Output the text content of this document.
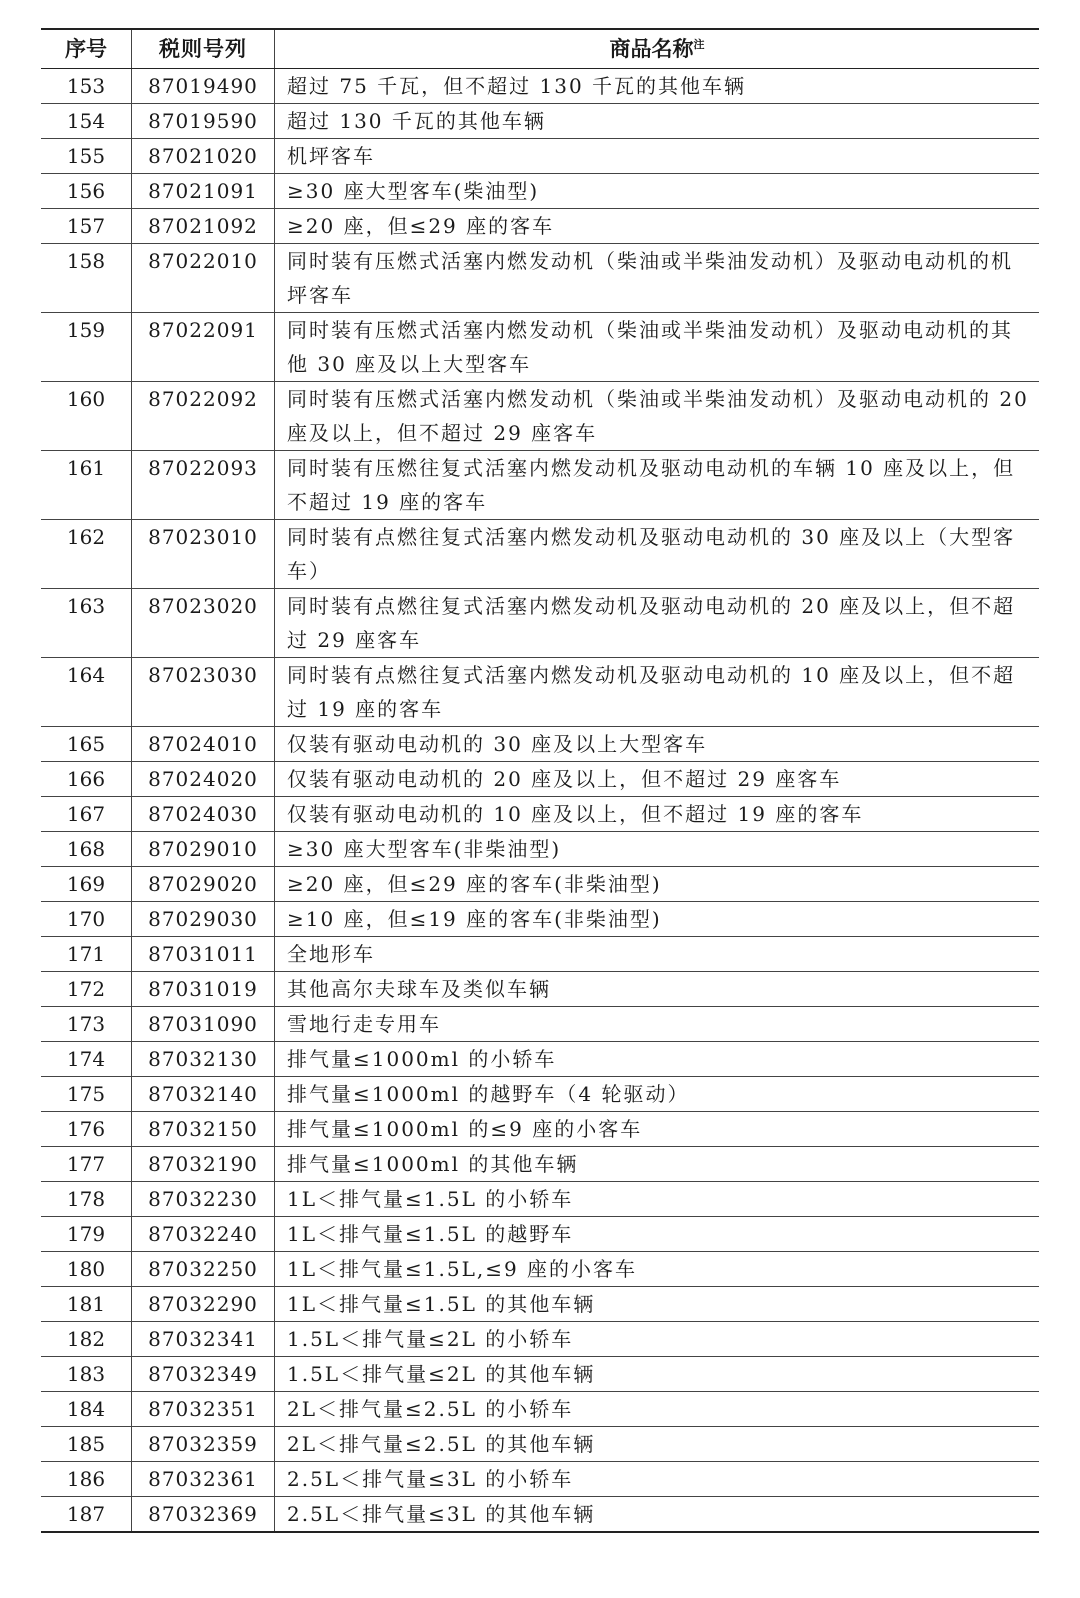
序号	税则号列	商品名称$^注$
153	87019490	超过 75 千瓦，但不超过 130 千瓦的其他车辆
154	87019590	超过 130 千瓦的其他车辆
155	87021020	机坪客车
156	87021091	≥30 座大型客车(柴油型)
157	87021092	≥20 座，但≤29 座的客车
158	87022010	同时装有压燃式活塞内燃发动机（柴油或半柴油发动机）及驱动电动机的机坪客车
159	87022091	同时装有压燃式活塞内燃发动机（柴油或半柴油发动机）及驱动电动机的其他 30 座及以上大型客车
160	87022092	同时装有压燃式活塞内燃发动机（柴油或半柴油发动机）及驱动电动机的 20 座及以上，但不超过 29 座客车
161	87022093	同时装有压燃往复式活塞内燃发动机及驱动电动机的车辆 10 座及以上，但不超过 19 座的客车
162	87023010	同时装有点燃往复式活塞内燃发动机及驱动电动机的 30 座及以上（大型客车）
163	87023020	同时装有点燃往复式活塞内燃发动机及驱动电动机的 20 座及以上，但不超过 29 座客车
164	87023030	同时装有点燃往复式活塞内燃发动机及驱动电动机的 10 座及以上，但不超过 19 座的客车
165	87024010	仅装有驱动电动机的 30 座及以上大型客车
166	87024020	仅装有驱动电动机的 20 座及以上，但不超过 29 座客车
167	87024030	仅装有驱动电动机的 10 座及以上，但不超过 19 座的客车
168	87029010	≥30 座大型客车(非柴油型)
169	87029020	≥20 座，但≤29 座的客车(非柴油型)
170	87029030	≥10 座，但≤19 座的客车(非柴油型)
171	87031011	全地形车
172	87031019	其他高尔夫球车及类似车辆
173	87031090	雪地行走专用车
174	87032130	排气量≤1000ml 的小轿车
175	87032140	排气量≤1000ml 的越野车（4 轮驱动）
176	87032150	排气量≤1000ml 的≤9 座的小客车
177	87032190	排气量≤1000ml 的其他车辆
178	87032230	1L＜排气量≤1.5L 的小轿车
179	87032240	1L＜排气量≤1.5L 的越野车
180	87032250	1L＜排气量≤1.5L,≤9 座的小客车
181	87032290	1L＜排气量≤1.5L 的其他车辆
182	87032341	1.5L＜排气量≤2L 的小轿车
183	87032349	1.5L＜排气量≤2L 的其他车辆
184	87032351	2L＜排气量≤2.5L 的小轿车
185	87032359	2L＜排气量≤2.5L 的其他车辆
186	87032361	2.5L＜排气量≤3L 的小轿车
187	87032369	2.5L＜排气量≤3L 的其他车辆
